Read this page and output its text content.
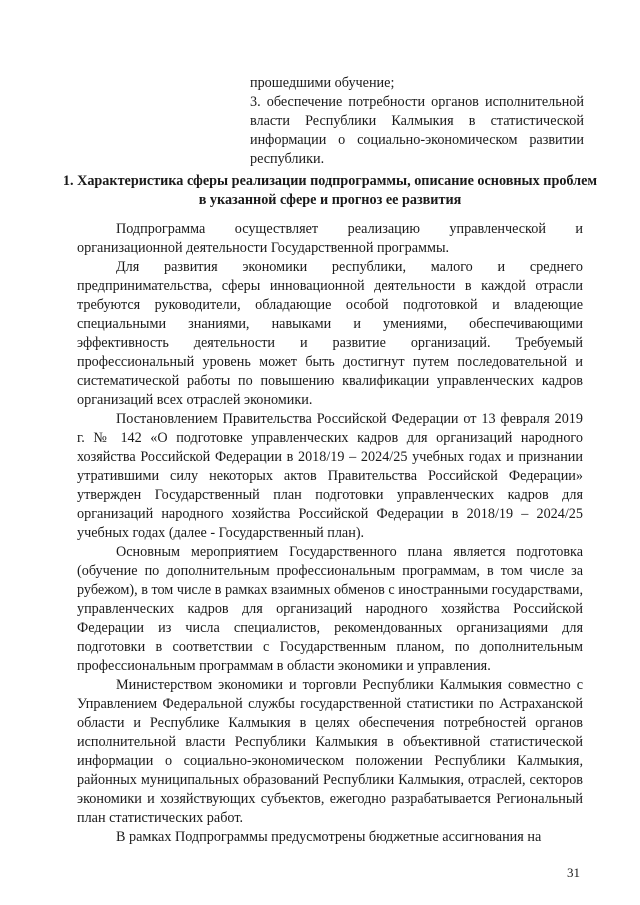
прошедшими обучение;

3. обеспечение потребности органов исполнительной власти Республики Калмыкия в статистической информации о социально-экономическом развитии республики.

1. Характеристика сферы реализации подпрограммы, описание основных проблем в указанной сфере и прогноз ее развития

Подпрограмма осуществляет реализацию управленческой и организационной деятельности Государственной программы.

Для развития экономики республики, малого и среднего предпринимательства, сферы инновационной деятельности в каждой отрасли требуются руководители, обладающие особой подготовкой и владеющие специальными знаниями, навыками и умениями, обеспечивающими эффективность деятельности и развитие организаций. Требуемый профессиональный уровень может быть достигнут путем последовательной и систематической работы по повышению квалификации управленческих кадров организаций всех отраслей экономики.

Постановлением Правительства Российской Федерации от 13 февраля 2019 г. № 142 «О подготовке управленческих кадров для организаций народного хозяйства Российской Федерации в 2018/19 – 2024/25 учебных годах и признании утратившими силу некоторых актов Правительства Российской Федерации» утвержден Государственный план подготовки управленческих кадров для организаций народного хозяйства Российской Федерации в 2018/19 – 2024/25 учебных годах (далее - Государственный план).

Основным мероприятием Государственного плана является подготовка (обучение по дополнительным профессиональным программам, в том числе за рубежом), в том числе в рамках взаимных обменов с иностранными государствами, управленческих кадров для организаций народного хозяйства Российской Федерации из числа специалистов, рекомендованных организациями для подготовки в соответствии с Государственным планом, по дополнительным профессиональным программам в области экономики и управления.

Министерством экономики и торговли Республики Калмыкия совместно с Управлением Федеральной службы государственной статистики по Астраханской области и Республике Калмыкия в целях обеспечения потребностей органов исполнительной власти Республики Калмыкия в объективной статистической информации о социально-экономическом положении Республики Калмыкия, районных муниципальных образований Республики Калмыкия, отраслей, секторов экономики и хозяйствующих субъектов, ежегодно разрабатывается Региональный план статистических работ.

В рамках Подпрограммы предусмотрены бюджетные ассигнования на

31
